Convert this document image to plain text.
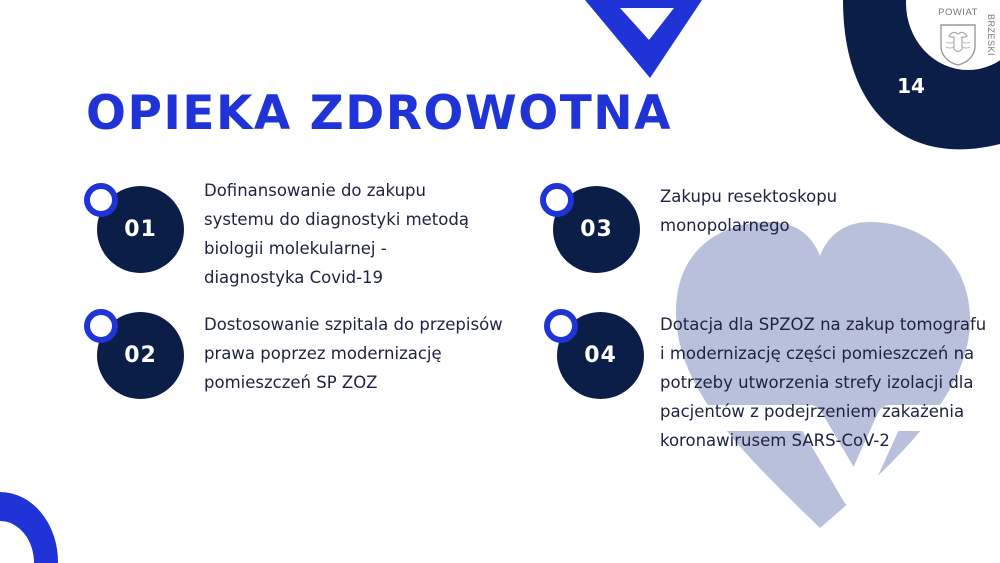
POWIAT
BRZESKI
14
OPIEKA ZDROWOTNA
01

Dofinansowanie do zakupu systemu do diagnostyki metodą biologii molekularnej - diagnostyka Covid-19

02

Dostosowanie szpitala do przepisów prawa poprzez modernizację pomieszczeń SP ZOZ

03

Zakupu resektoskopu monopolarnego

04

Dotacja dla SPZOZ na zakup tomografu i modernizację części pomieszczeń na potrzeby utworzenia strefy izolacji dla pacjentów z podejrzeniem zakażenia koronawirusem SARS-CoV-2
